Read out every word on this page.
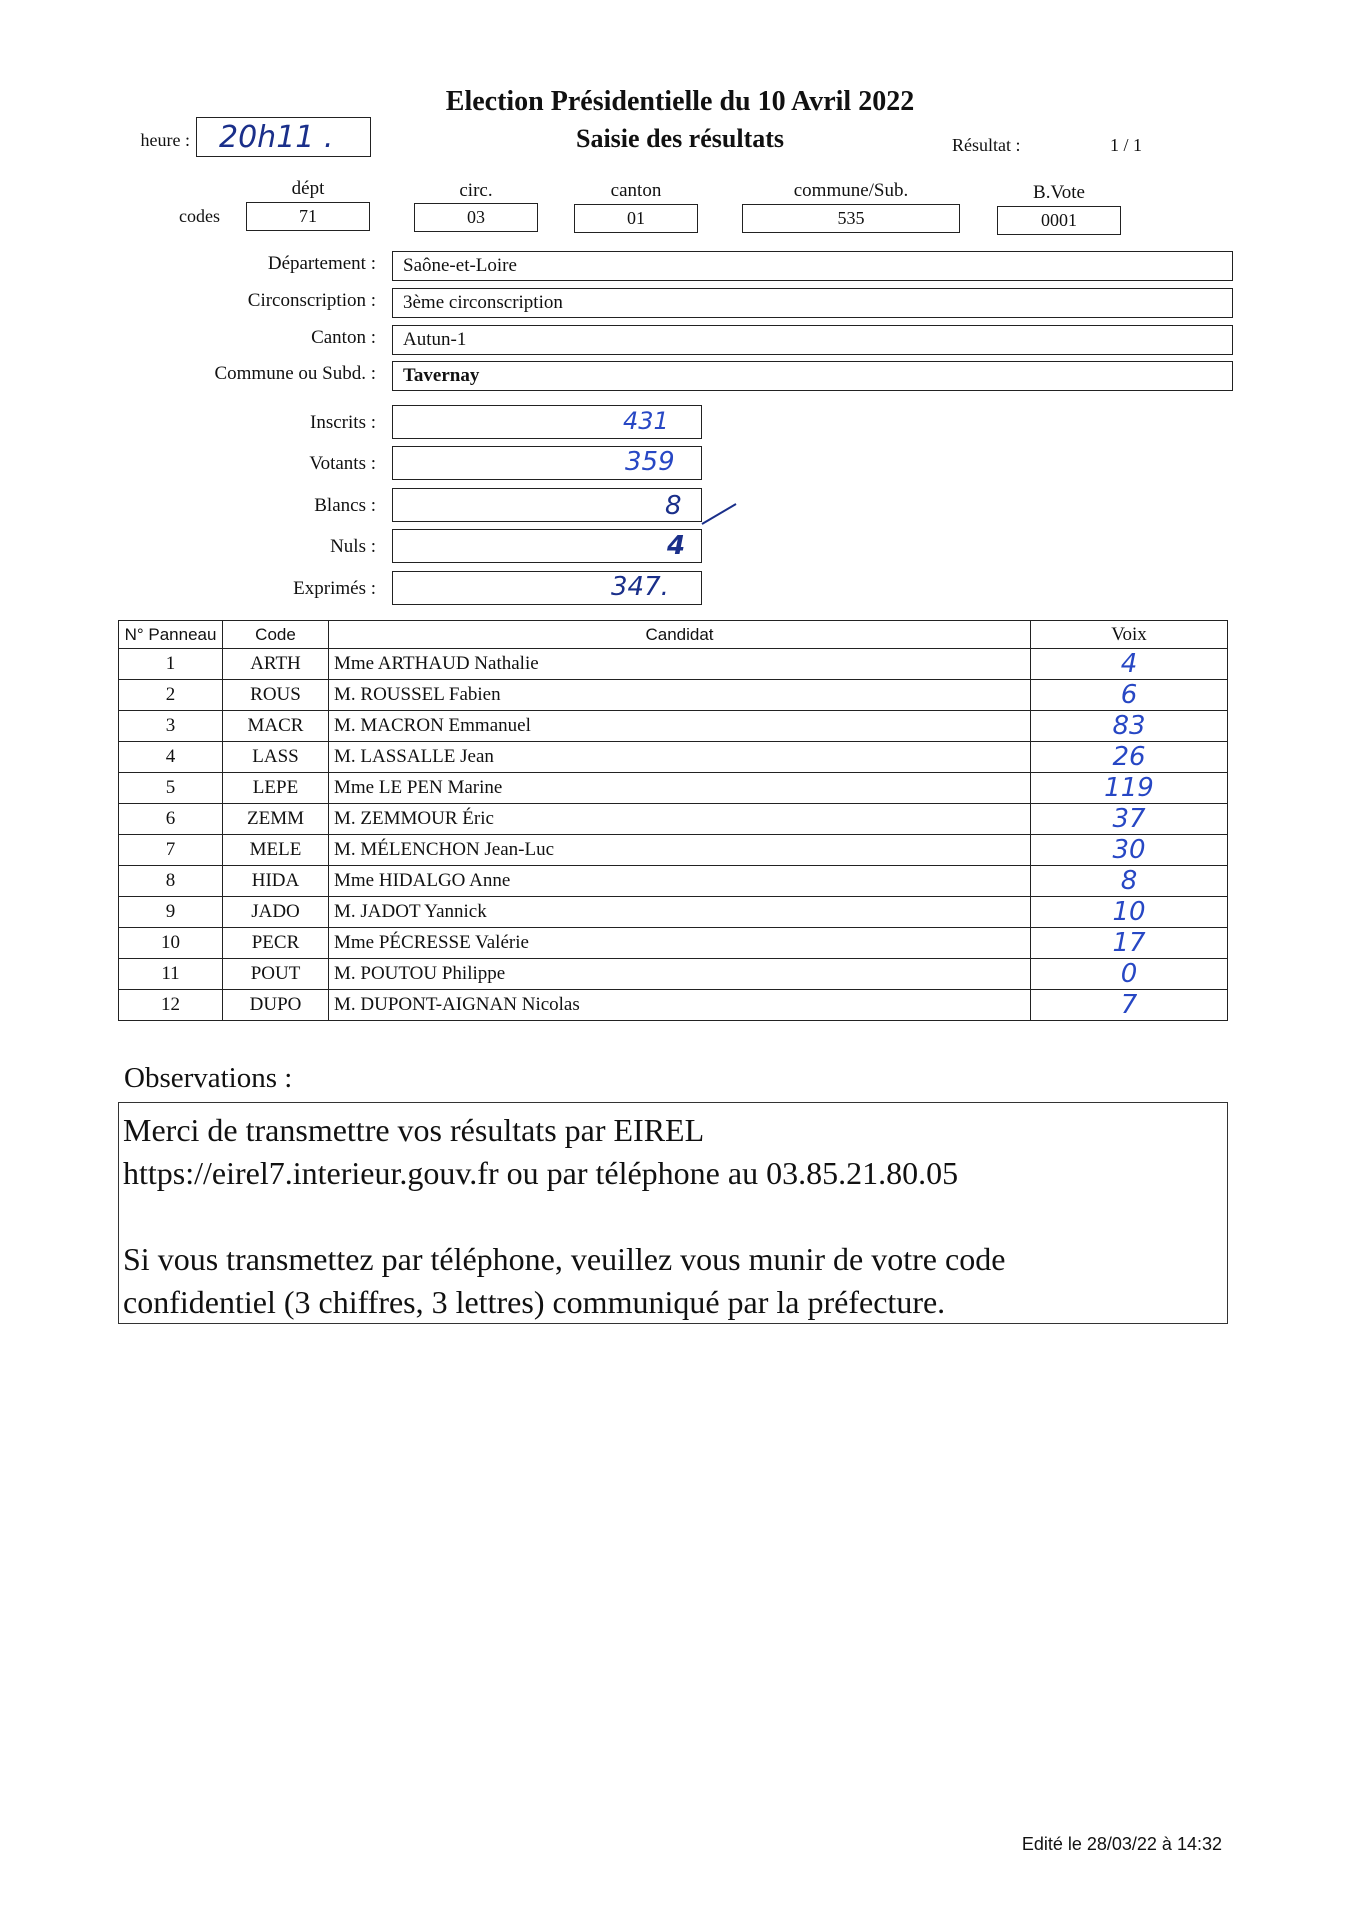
Election Présidentielle du 10 Avril 2022
Saisie des résultats
heure : 20h11 .	Résultat :	1 / 1
dépt	circ.	canton	commune/Sub.	B.Vote
codes	71	03	01	535	0001
Département : Saône-et-Loire
Circonscription : 3ème circonscription
Canton : Autun-1
Commune ou Subd. : Tavernay
Inscrits :	431
Votants :	359
Blancs :	8
Nuls :	4
Exprimés :	347.
N° Panneau	Code	Candidat	Voix
1	ARTH	Mme ARTHAUD Nathalie	4
2	ROUS	M. ROUSSEL Fabien	6
3	MACR	M. MACRON Emmanuel	83
4	LASS	M. LASSALLE Jean	26
5	LEPE	Mme LE PEN Marine	119
6	ZEMM	M. ZEMMOUR Éric	37
7	MELE	M. MÉLENCHON Jean-Luc	30
8	HIDA	Mme HIDALGO Anne	8
9	JADO	M. JADOT Yannick	10
10	PECR	Mme PÉCRESSE Valérie	17
11	POUT	M. POUTOU Philippe	0
12	DUPO	M. DUPONT-AIGNAN Nicolas	7
Observations :
Merci de transmettre vos résultats par EIREL
https://eirel7.interieur.gouv.fr ou par téléphone au 03.85.21.80.05
Si vous transmettez par téléphone, veuillez vous munir de votre code
confidentiel (3 chiffres, 3 lettres) communiqué par la préfecture.
Edité le 28/03/22 à 14:32
